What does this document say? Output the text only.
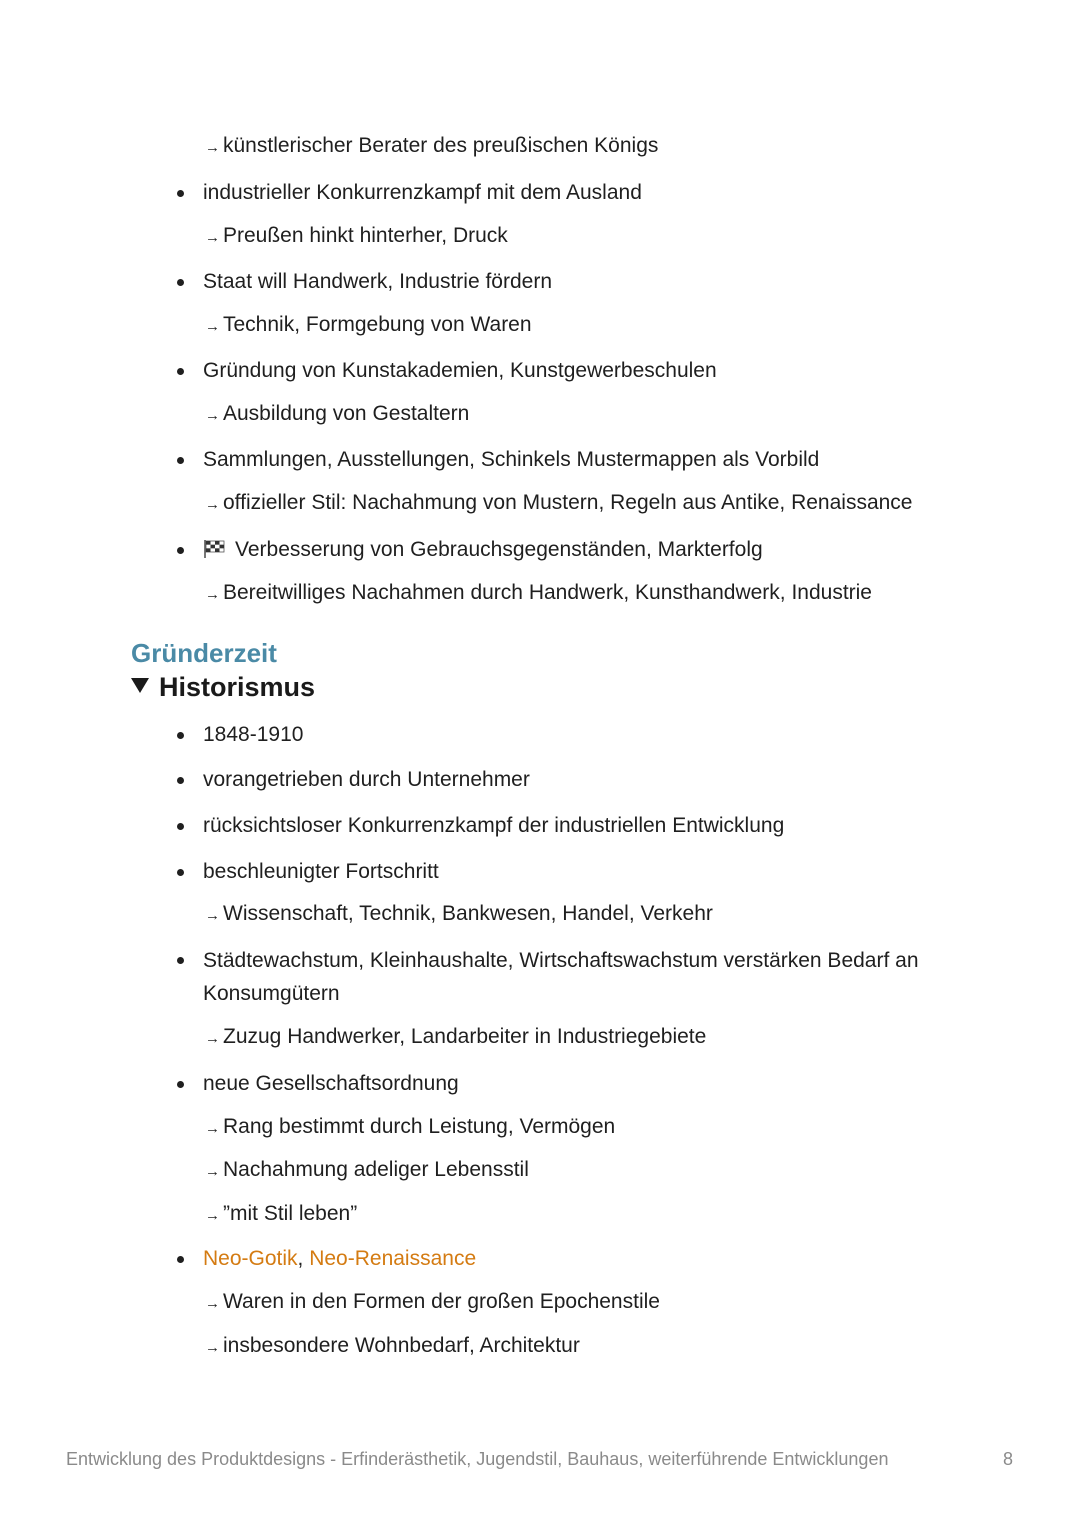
→ künstlerischer Berater des preußischen Königs
industrieller Konkurrenzkampf mit dem Ausland
→ Preußen hinkt hinterher, Druck
Staat will Handwerk, Industrie fördern
→ Technik, Formgebung von Waren
Gründung von Kunstakademien, Kunstgewerbeschulen
→ Ausbildung von Gestaltern
Sammlungen, Ausstellungen, Schinkels Mustermappen als Vorbild
→ offizieller Stil: Nachahmung von Mustern, Regeln aus Antike, Renaissance
Verbesserung von Gebrauchsgegenständen, Markterfolg
→ Bereitwilliges Nachahmen durch Handwerk, Kunsthandwerk, Industrie
Gründerzeit
Historismus
1848-1910
vorangetrieben durch Unternehmer
rücksichtsloser Konkurrenzkampf der industriellen Entwicklung
beschleunigter Fortschritt
→ Wissenschaft, Technik, Bankwesen, Handel, Verkehr
Städtewachstum, Kleinhaushalte, Wirtschaftswachstum verstärken Bedarf an
Konsumgütern
→ Zuzug Handwerker, Landarbeiter in Industriegebiete
neue Gesellschaftsordnung
→ Rang bestimmt durch Leistung, Vermögen
→ Nachahmung adeliger Lebensstil
→ ”mit Stil leben”
Neo-Gotik, Neo-Renaissance
→ Waren in den Formen der großen Epochenstile
→ insbesondere Wohnbedarf, Architektur
Entwicklung des Produktdesigns - Erfinderästhetik, Jugendstil, Bauhaus, weiterführende Entwicklungen	8
